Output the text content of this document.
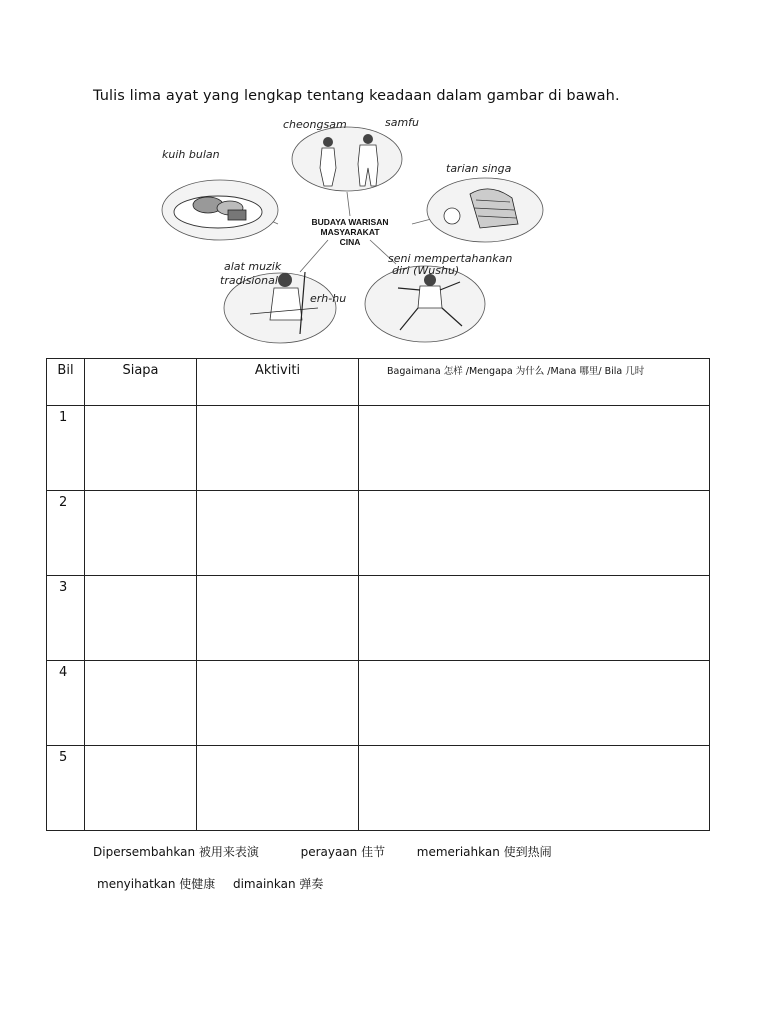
Tulis lima ayat yang lengkap tentang keadaan dalam gambar di bawah.
cheongsam	samfu
kuih bulan
tarian singa
alat muzik
tradisional
erh-hu
seni mempertahankan
diri (Wushu)
BUDAYA WARISAN
MASYARAKAT
CINA
Bil	Siapa	Aktiviti	Bagaimana 怎样 /Mengapa 为什么 /Mana 哪里/ Bila 几时
1			
2			
3			
4			
5			
Dipersembahkan 被用来表演	perayaan 佳节	memeriahkan 使到热闹
menyihatkan 使健康 dimainkan 弹奏
